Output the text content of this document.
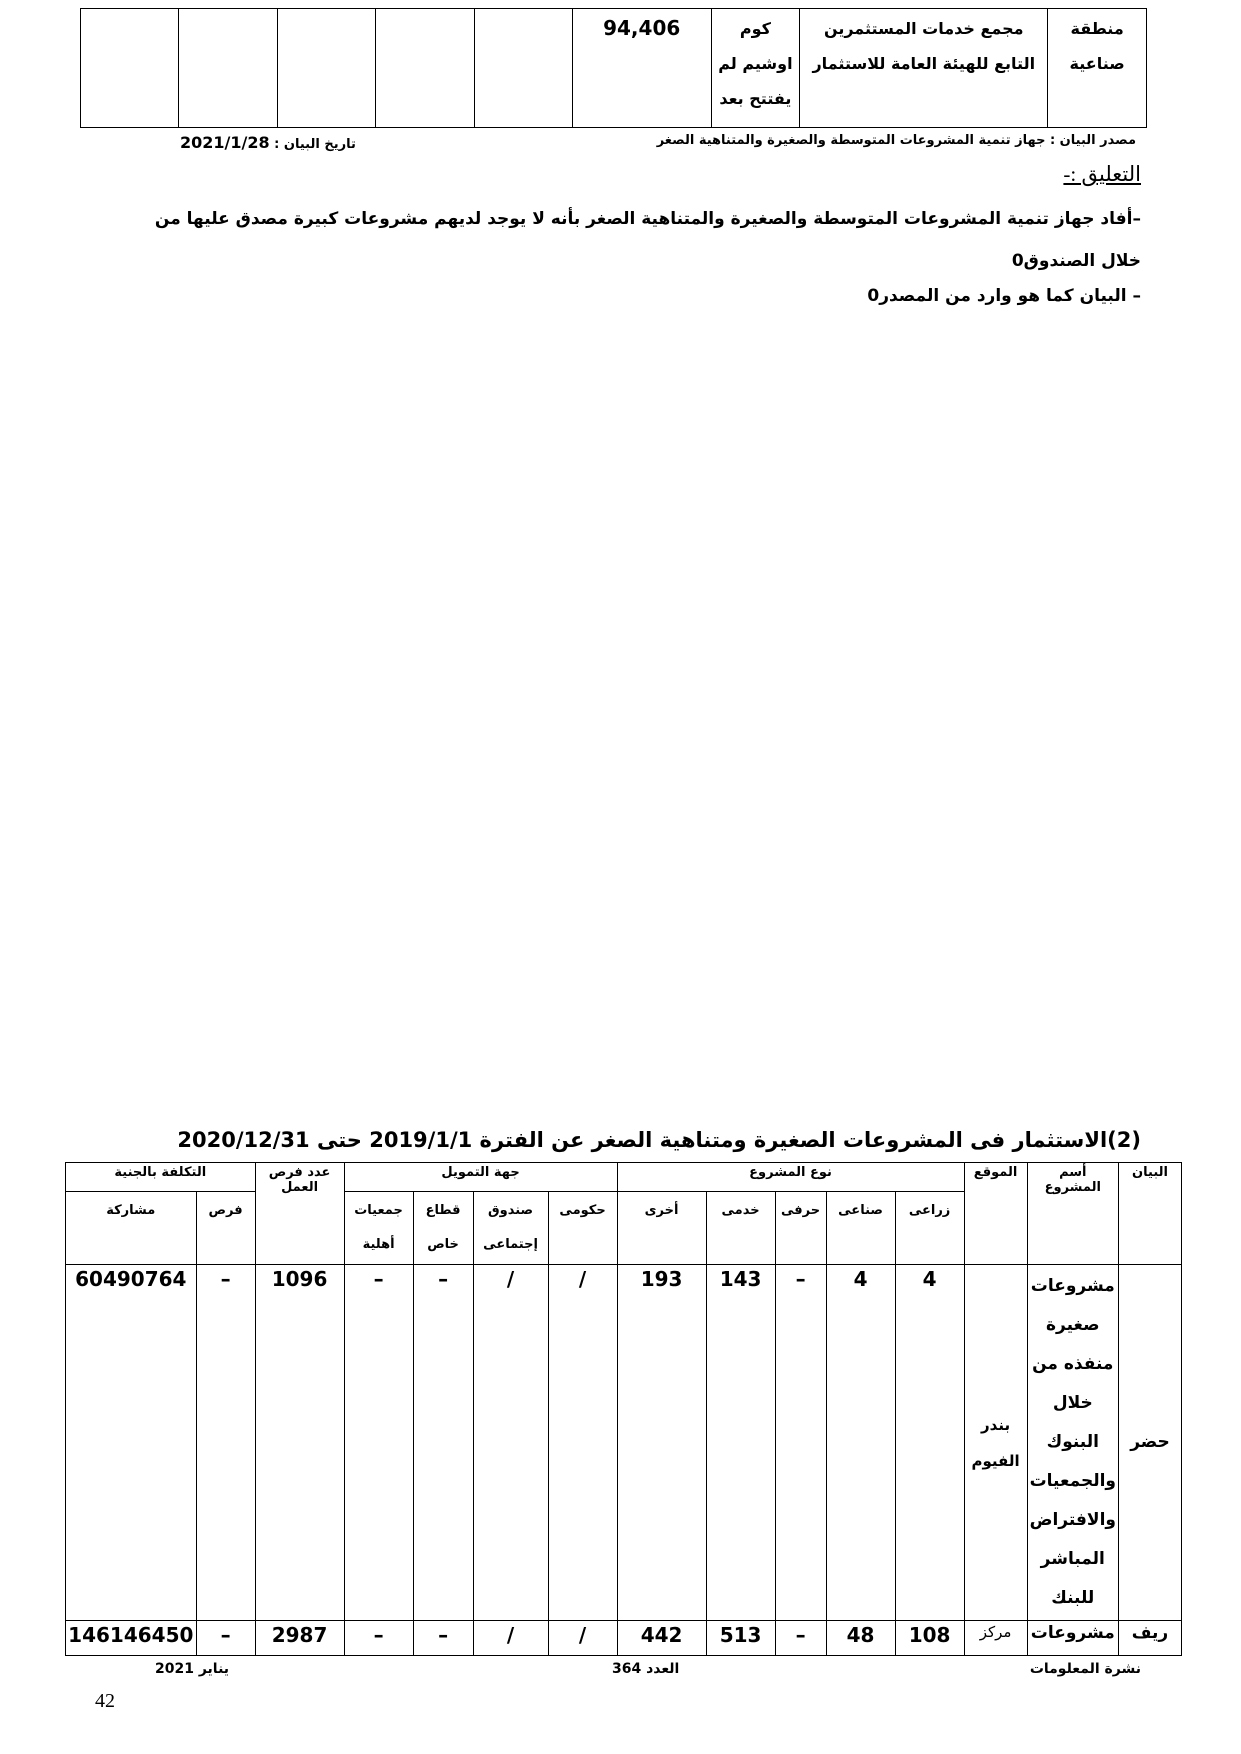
منطقة صناعية	مجمع خدمات المستثمرين التابع للهيئة العامة للاستثمار	كوم اوشيم لم يفتتح بعد	94,406					
مصدر البيان : جهاز تنمية المشروعات المتوسطة والصغيرة والمتناهية الصغر
تاريخ البيان : 2021/1/28
التعليق :-
–أفاد جهاز تنمية المشروعات المتوسطة والصغيرة والمتناهية الصغر بأنه لا يوجد لديهم مشروعات كبيرة مصدق عليها من خلال الصندوق0
– البيان كما هو وارد من المصدر0
(2)الاستثمار فى المشروعات الصغيرة ومتناهية الصغر عن الفترة 2019/1/1 حتى 2020/12/31
البيان	أسم المشروع	الموقع	نوع المشروع					جهة التمويل				عدد فرص العمل	التكلفة بالجنية	
			زراعى	صناعى	حرفى	خدمى	أخرى	حكومى	صندوق إجتماعى	قطاع خاص	جمعيات أهلية		فرص	مشاركة
حضر	مشروعات صغيرة منفذه من خلال البنوك والجمعيات والافتراض المباشر للبنك	بندر الفيوم	4	4	–	143	193	/	/	–	–	1096	–	60490764
ريف	مشروعات	مركز	108	48	–	513	442	/	/	–	–	2987	–	146146450
نشرة المعلومات
العدد 364
يناير 2021
42
